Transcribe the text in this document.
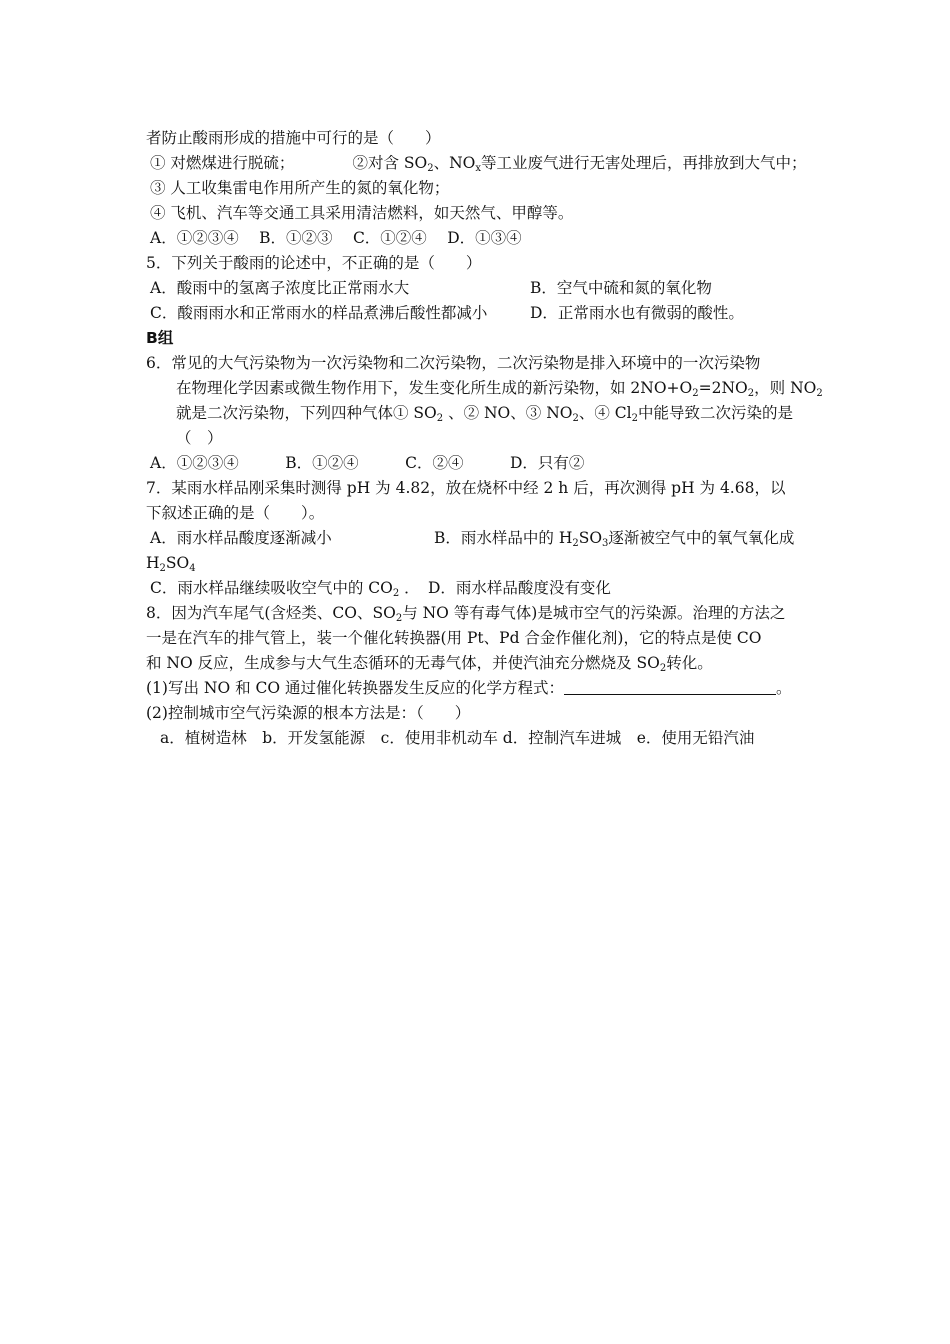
者防止酸雨形成的措施中可行的是（　　）
① 对燃煤进行脱硫；	②对含 $SO_2$、$NO_x$等工业废气进行无害处理后，再排放到大气中；
③ 人工收集雷电作用所产生的氮的氧化物；
④ 飞机、汽车等交通工具采用清洁燃料，如天然气、甲醇等。
A．①②③④　 B．①②③　 C．①②④　 D．①③④
5．下列关于酸雨的论述中，不正确的是（　　）
A．酸雨中的氢离子浓度比正常雨水大	B．空气中硫和氮的氧化物
C．酸雨雨水和正常雨水的样品煮沸后酸性都减小	D．正常雨水也有微弱的酸性。
B组
6．常见的大气污染物为一次污染物和二次污染物，二次污染物是排入环境中的一次污染物
在物理化学因素或微生物作用下，发生变化所生成的新污染物，如 $2NO+O_2=2NO_2$，则 $NO_2$
就是二次污染物，下列四种气体① $SO_2$ 、② NO、③ $NO_2$、④ $Cl_2$中能导致二次污染的是
（　）
A．①②③④　　　B．①②④　　　C．②④　　　D．只有②
7．某雨水样品刚采集时测得 pH 为 4.82，放在烧杯中经 2 h 后，再次测得 pH 为 4.68，以
下叙述正确的是（　　）。
A．雨水样品酸度逐渐减小	B．雨水样品中的 $H_2SO_3$逐渐被空气中的氧气氧化成
$H_2SO_4$
C．雨水样品继续吸收空气中的 $CO_2$ ． D．雨水样品酸度没有变化
8．因为汽车尾气(含烃类、CO、$SO_2$与 NO 等有毒气体)是城市空气的污染源。治理的方法之
一是在汽车的排气管上，装一个催化转换器(用 Pt、Pd 合金作催化剂)，它的特点是使 CO
和 NO 反应，生成参与大气生态循环的无毒气体，并使汽油充分燃烧及 $SO_2$转化。
(1)写出 NO 和 CO 通过催化转换器发生反应的化学方程式：	。
(2)控制城市空气污染源的根本方法是：（　　）
a．植树造林　b．开发氢能源　c．使用非机动车 d．控制汽车进城　e．使用无铅汽油
